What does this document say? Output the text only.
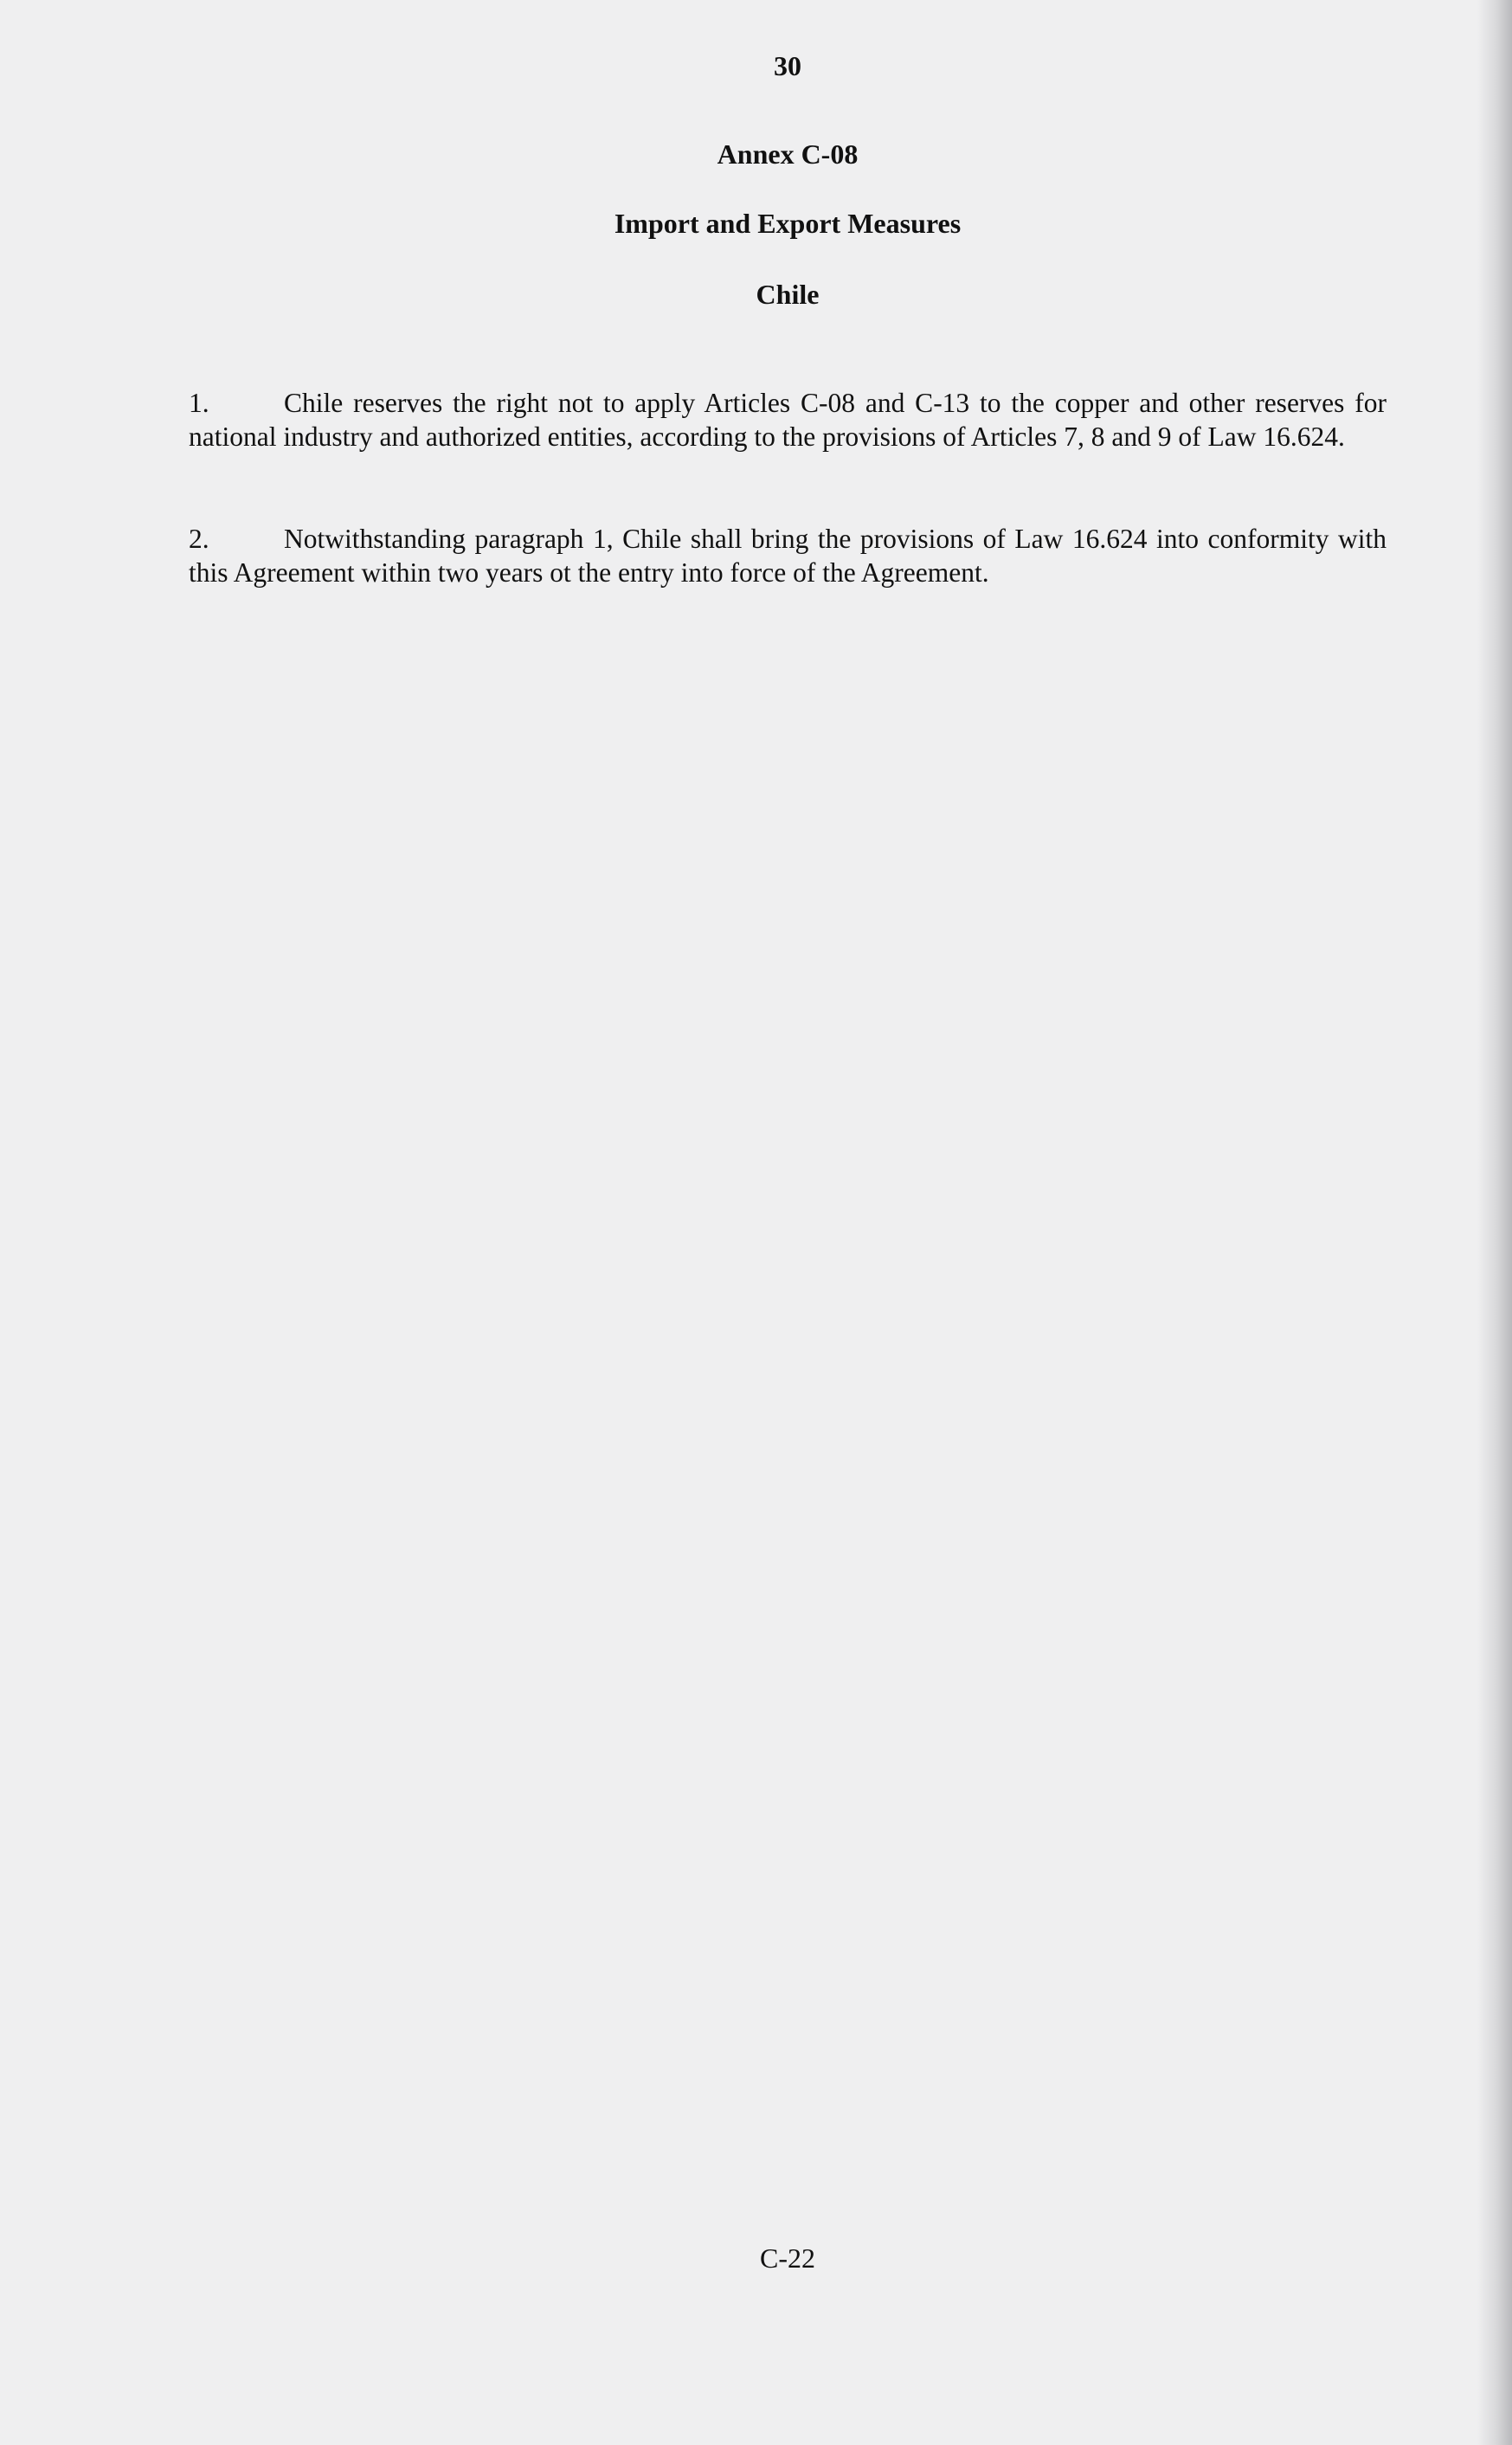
30
Annex C-08
Import and Export Measures
Chile
1.	Chile reserves the right not to apply Articles C-08 and C-13 to the copper and other reserves for national industry and authorized entities, according to the provisions of Articles 7, 8 and 9 of Law 16.624.
2.	Notwithstanding paragraph 1, Chile shall bring the provisions of Law 16.624 into conformity with this Agreement within two years ot the entry into force of the Agreement.
C-22
